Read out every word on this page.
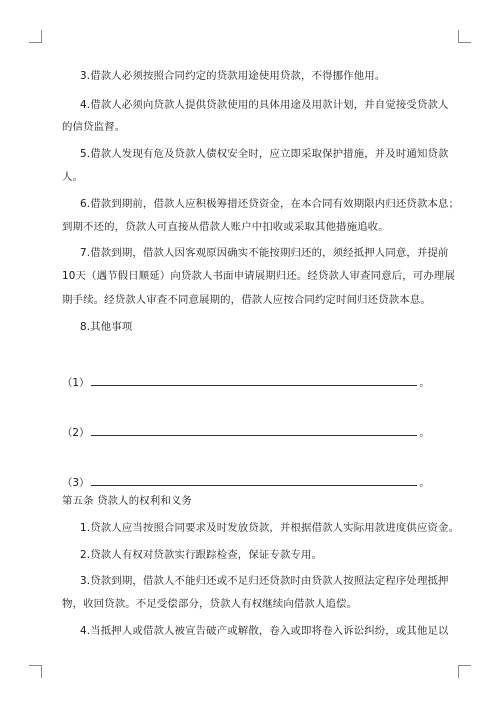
3.借款人必须按照合同约定的贷款用途使用贷款，不得挪作他用。
4.借款人必须向贷款人提供贷款使用的具体用途及用款计划，并自觉接受贷款人
的信贷监督。
5.借款人发现有危及贷款人债权安全时，应立即采取保护措施，并及时通知贷款
人。
6.借款到期前，借款人应积极筹措还贷资金，在本合同有效期限内归还贷款本息；
到期不还的，贷款人可直接从借款人账户中扣收或采取其他措施追收。
7.借款到期，借款人因客观原因确实不能按期归还的，须经抵押人同意，并提前
10天（遇节假日顺延）向贷款人书面申请展期归还。经贷款人审查同意后，可办理展
期手续。经贷款人审查不同意展期的，借款人应按合同约定时间归还贷款本息。
8.其他事项
（1）	。
（2）	。
（3）	。
第五条 贷款人的权利和义务
1.贷款人应当按照合同要求及时发放贷款，并根据借款人实际用款进度供应资金。
2.贷款人有权对贷款实行跟踪检查，保证专款专用。
3.贷款到期，借款人不能归还或不足归还贷款时由贷款人按照法定程序处理抵押
物，收回贷款。不足受偿部分，贷款人有权继续向借款人追偿。
4.当抵押人或借款人被宣告破产或解散，卷入或即将卷入诉讼纠纷，或其他足以
